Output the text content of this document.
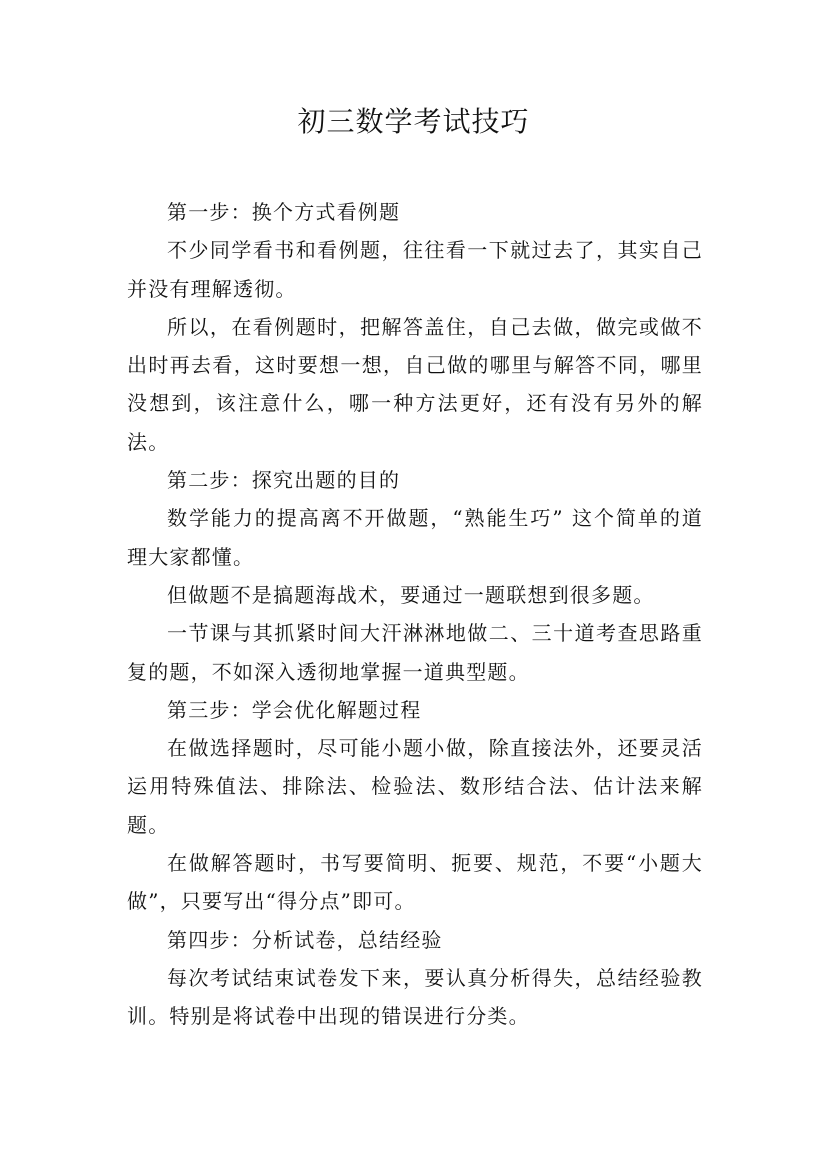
初三数学考试技巧

第一步：换个方式看例题

不少同学看书和看例题，往往看一下就过去了，其实自己并没有理解透彻。

所以，在看例题时，把解答盖住，自己去做，做完或做不出时再去看，这时要想一想，自己做的哪里与解答不同，哪里没想到，该注意什么，哪一种方法更好，还有没有另外的解法。

第二步：探究出题的目的

数学能力的提高离不开做题，“熟能生巧” 这个简单的道理大家都懂。

但做题不是搞题海战术，要通过一题联想到很多题。

一节课与其抓紧时间大汗淋淋地做二、三十道考查思路重复的题，不如深入透彻地掌握一道典型题。

第三步：学会优化解题过程

在做选择题时，尽可能小题小做，除直接法外，还要灵活运用特殊值法、排除法、检验法、数形结合法、估计法来解题。

在做解答题时，书写要简明、扼要、规范，不要“小题大做”，只要写出“得分点”即可。

第四步：分析试卷，总结经验

每次考试结束试卷发下来，要认真分析得失，总结经验教训。特别是将试卷中出现的错误进行分类。
